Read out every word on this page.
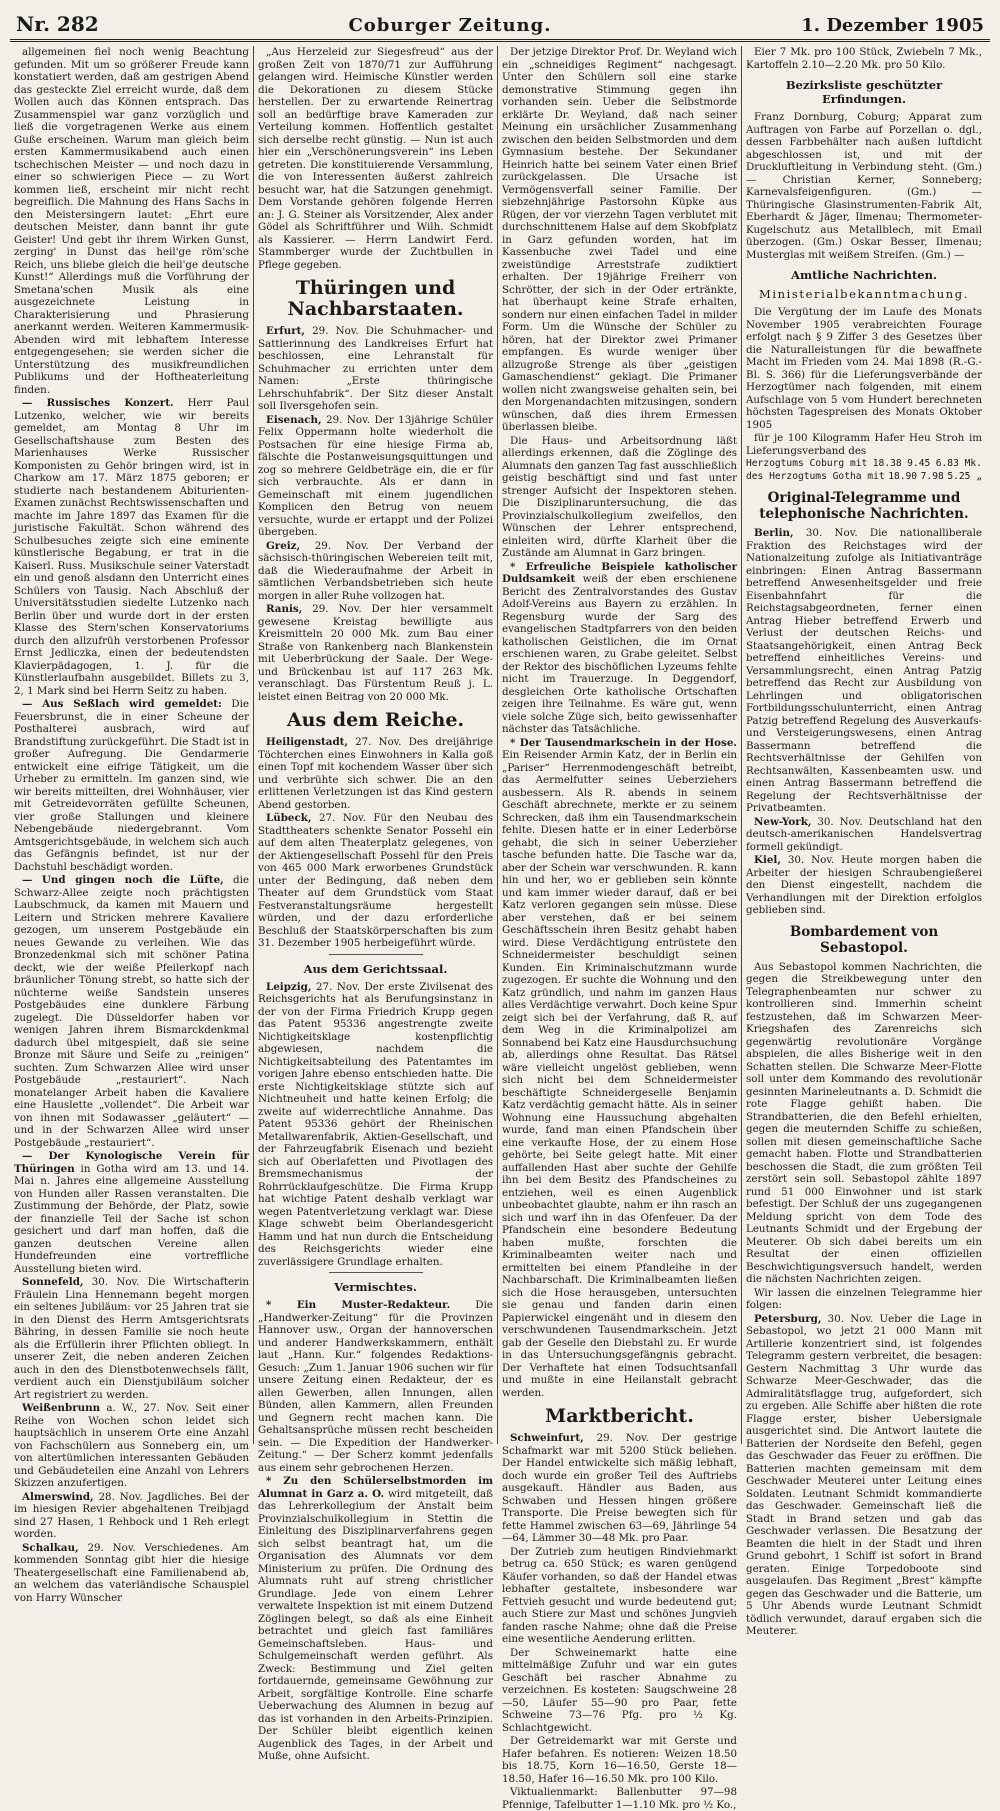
Nr. 282	Coburger Zeitung.	1. Dezember 1905

allgemeinen fiel noch wenig Beachtung gefunden. Mit um so größerer Freude kann konstatiert werden, daß am gestrigen Abend das gesteckte Ziel erreicht wurde, daß dem Wollen auch das Können entsprach. Das Zusammenspiel war ganz vorzüglich und ließ die vorgetragenen Werke aus einem Guße erscheinen. Warum man gleich beim ersten Kammermusikabend auch einen tschechischen Meister — und noch dazu in einer so schwierigen Piece — zu Wort kommen ließ, erscheint mir nicht recht begreiflich. Die Mahnung des Hans Sachs in den Meistersingern lautet: „Ehrt eure deutschen Meister, dann bannt ihr gute Geister! Und gebt ihr ihrem Wirken Gunst, zerging' in Dunst das heil'ge röm'sche Reich, uns bliebe gleich die heil'ge deutsche Kunst!“ Allerdings muß die Vorführung der Smetana'schen Musik als eine ausgezeichnete Leistung in Charakterisierung und Phrasierung anerkannt werden. Weiteren Kammermusik-Abenden wird mit lebhaftem Interesse entgegengesehen; sie werden sicher die Unterstützung des musikfreundlichen Publikums und der Hoftheaterleitung finden.

— Russisches Konzert. Herr Paul Lutzenko, welcher, wie wir bereits gemeldet, am Montag 8 Uhr im Gesellschaftshause zum Besten des Marienhauses Werke Russischer Komponisten zu Gehör bringen wird, ist in Charkow am 17. März 1875 geboren; er studierte nach bestandenem Abiturienten-Examen zunächst Rechtswissenschaften und machte im Jahre 1897 das Examen für die juristische Fakultät. Schon während des Schulbesuches zeigte sich eine eminente künstlerische Begabung, er trat in die Kaiserl. Russ. Musikschule seiner Vaterstadt ein und genoß alsdann den Unterricht eines Schülers von Tausig. Nach Abschluß der Universitätsstudien siedelte Lutzenko nach Berlin über und wurde dort in der ersten Klasse des Stern'schen Konservatoriums durch den allzufrüh verstorbenen Professor Ernst Jedliczka, einen der bedeutendsten Klavierpädagogen, 1. J. für die Künstlerlaufbahn ausgebildet. Billets zu 3, 2, 1 Mark sind bei Herrn Seitz zu haben.

— Aus Seßlach wird gemeldet: Die Feuersbrunst, die in einer Scheune der Posthalterei ausbrach, wird auf Brandstiftung zurückgeführt. Die Stadt ist in großer Aufregung. Die Gendarmerie entwickelt eine eifrige Tätigkeit, um die Urheber zu ermitteln. Im ganzen sind, wie wir bereits mitteilten, drei Wohnhäuser, vier mit Getreidevorräten gefüllte Scheunen, vier große Stallungen und kleinere Nebengebäude niedergebrannt. Vom Amtsgerichtsgebäude, in welchem sich auch das Gefängnis befindet, ist nur der Dachstuhl beschädigt worden.

— Und gingen noch die Lüfte, die Schwarz-Alleе zeigte noch prächtigsten Laubschmuck, da kamen mit Mauern und Leitern und Stricken mehrere Kavaliere gezogen, um unserem Postgebäude ein neues Gewande zu verleihen. Wie das Bronzedenkmal sich mit schöner Patina deckt, wie der weiße Pfeilerkopf nach bräunlicher Tönung strebt, so hatte sich der nüchterne weiße Sandstein unseres Postgebäudes eine dunklere Färbung zugelegt. Die Düsseldorfer haben vor wenigen Jahren ihrem Bismarckdenkmal dadurch übel mitgespielt, daß sie seine Bronze mit Säure und Seife zu „reinigen“ suchten. Zum Schwarzen Alleе wird unser Postgebäude „restauriert“. Nach monatelanger Arbeit haben die Kavaliere eine Hauslette „vollendet“. Die Arbeit war von ihnen mit Sodawasser „geläutert“ — und in der Schwarzen Alleе wird unser Postgebäude „restauriert“.

— Der Kynologische Verein für Thüringen in Gotha wird am 13. und 14. Mai n. Jahres eine allgemeine Ausstellung von Hunden aller Rassen veranstalten. Die Zustimmung der Behörde, der Platz, sowie der finanzielle Teil der Sache ist schon gesichert und darf man hoffen, daß die ganzen deutschen Vereine allen Hundefreunden eine vortreffliche Ausstellung bieten wird.

Sonnefeld, 30. Nov. Die Wirtschafterin Fräulein Lina Hennemann begeht morgen ein seltenes Jubiläum: vor 25 Jahren trat sie in den Dienst des Herrn Amtsgerichtsrats Bähring, in dessen Familie sie noch heute als die Erfüllerin ihrer Pflichten obliegt. In unserer Zeit, die neben anderen Zeichen auch in den des Dienstbotenwechsels fällt, verdient auch ein Dienstjubiläum solcher Art registriert zu werden.

Weißenbrunn a. W., 27. Nov. Seit einer Reihe von Wochen schon leidet sich hauptsächlich in unserem Orte eine Anzahl von Fachschülern aus Sonneberg ein, um von altertümlichen interessanten Gebäuden und Gebäudeteilen eine Anzahl von Lehrers Skizzen anzufertigen.

Almerswind, 28. Nov. Jagdliches. Bei der im hiesigen Revier abgehaltenen Treibjagd sind 27 Hasen, 1 Rehbock und 1 Reh erlegt worden.

Schalkau, 29. Nov. Verschiedenes. Am kommenden Sonntag gibt hier die hiesige Theatergesellschaft eine Familienabend ab, an welchem das vaterländische Schauspiel von Harry Wünscher

„Aus Herzeleid zur Siegesfreud“ aus der großen Zeit von 1870/71 zur Aufführung gelangen wird. Heimische Künstler werden die Dekorationen zu diesem Stücke herstellen. Der zu erwartende Reinertrag soll an bedürftige brave Kameraden zur Verteilung kommen. Hoffentlich gestaltet sich derselbe recht günstig. — Nun ist auch hier ein „Verschönerungsverein“ ins Leben getreten. Die konstituierende Versammlung, die von Interessenten äußerst zahlreich besucht war, hat die Satzungen genehmigt. Dem Vorstande gehören folgende Herren an: J. G. Steiner als Vorsitzender, Alex ander Gödel als Schriftführer und Wilh. Schmidt als Kassierer. — Herrn Landwirt Ferd. Stammberger wurde der Zuchtbullen in Pflege gegeben.

Thüringen und Nachbarstaaten.

Erfurt, 29. Nov. Die Schuhmacher- und Sattlerinnung des Landkreises Erfurt hat beschlossen, eine Lehranstalt für Schuhmacher zu errichten unter dem Namen: „Erste thüringische Lehrschuhfabrik“. Der Sitz dieser Anstalt soll Ilversgehofen sein.

Eisenach, 29. Nov. Der 13jährige Schüler Felix Oppermann holte wiederholt die Postsachen für eine hiesige Firma ab, fälschte die Postanweisungsquittungen und zog so mehrere Geldbeträge ein, die er für sich verbrauchte. Als er dann in Gemeinschaft mit einem jugendlichen Komplicen den Betrug von neuem versuchte, wurde er ertappt und der Polizei übergeben.

Greiz, 29. Nov. Der Verband der sächsisch-thüringischen Webereien teilt mit, daß die Wiederaufnahme der Arbeit in sämtlichen Verbandsbetrieben sich heute morgen in aller Ruhe vollzogen hat.

Ranis, 29. Nov. Der hier versammelt gewesene Kreistag bewilligte aus Kreismitteln 20 000 Mk. zum Bau einer Straße von Rankenberg nach Blankenstein mit Ueberbrückung der Saale. Der Wege- und Brückenbau ist auf 117 263 Mk. veranschlagt. Das Fürstentum Reuß j. L. leistet einen Beitrag von 20 000 Mk.

Aus dem Reiche.

Heiligenstadt, 27. Nov. Des dreijährige Töchterchen eines Einwohners in Kalla goß einen Topf mit kochendem Wasser über sich und verbrühte sich schwer. Die an den erlittenen Verletzungen ist das Kind gestern Abend gestorben.

Lübeck, 27. Nov. Für den Neubau des Stadttheaters schenkte Senator Possehl ein auf dem alten Theaterplatz gelegenes, von der Aktiengesellschaft Possehl für den Preis von 465 000 Mark erworbenes Grundstück unter der Bedingung, daß neben dem Theater auf dem Grundstück vom Staat Festveranstaltungsräume hergestellt würden, und der dazu erforderliche Beschluß der Staatskörperschaften bis zum 31. Dezember 1905 herbeigeführt würde.

Aus dem Gerichtssaal.

Leipzig, 27. Nov. Der erste Zivilsenat des Reichsgerichts hat als Berufungsinstanz in der von der Firma Friedrich Krupp gegen das Patent 95336 angestrengte zweite Nichtigkeitsklage kostenpflichtig abgewiesen, nachdem die Nichtigkeitsabteilung des Patentamtes im vorigen Jahre ebenso entschieden hatte. Die erste Nichtigkeitsklage stützte sich auf Nichtneuheit und hatte keinen Erfolg; die zweite auf widerrechtliche Annahme. Das Patent 95336 gehört der Rheinischen Metallwarenfabrik, Aktien-Gesellschaft, und der Fahrzeugfabrik Eisenach und bezieht sich auf Oberlafetten und Pivotlagen des Bremsmechanismus der Rohrrücklaufgeschütze. Die Firma Krupp hat wichtige Patent deshalb verklagt war wegen Patentverletzung verklagt war. Diese Klage schwebt beim Oberlandesgericht Hamm und hat nun durch die Entscheidung des Reichsgerichts wieder eine zuverlässigere Grundlage erhalten.

Vermischtes.

* Ein Muster-Redakteur. Die „Handwerker-Zeitung“ für die Provinzen Hannover usw., Organ der hannoverschen und anderer Handwerkskammern, enthält laut „Hann. Kur.“ folgendes Redaktions-Gesuch: „Zum 1. Januar 1906 suchen wir für unsere Zeitung einen Redakteur, der es allen Gewerben, allen Innungen, allen Bünden, allen Kammern, allen Freunden und Gegnern recht machen kann. Die Gehaltsansprüche müssen recht bescheiden sein. — Die Expedition der Handwerker-Zeitung.“ — Der Scherz kommt jedenfalls aus einem sehr gebrochenen Herzen.

* Zu den Schülerselbstmorden im Alumnat in Garz a. O. wird mitgeteilt, daß das Lehrerkollegium der Anstalt beim Provinzialschulkollegium in Stettin die Einleitung des Disziplinarverfahrens gegen sich selbst beantragt hat, um die Organisation des Alumnats vor dem Ministerium zu prüfen. Die Ordnung des Alumnats ruht auf streng christlicher Grundlage. Jede von einem Lehrer verwaltete Inspektion ist mit einem Dutzend Zöglingen belegt, so daß als eine Einheit betrachtet und gleich fast familiäres Gemeinschaftsleben. Haus- und Schulgemeinschaft werden geführt. Als Zweck: Bestimmung und Ziel gelten fortdauernde, gemeinsame Gewöhnung zur Arbeit, sorgfältige Kontrolle. Eine scharfe Ueberwachung des Alumnen in bezug auf das ist vorhanden in den Arbeits-Prinzipien. Der Schüler bleibt eigentlich keinen Augenblick des Tages, in der Arbeit und Muße, ohne Aufsicht.

Der jetzige Direktor Prof. Dr. Weyland wich ein „schneidiges Regiment“ nachgesagt. Unter den Schülern soll eine starke demonstrative Stimmung gegen ihn vorhanden sein. Ueber die Selbstmorde erklärte Dr. Weyland, daß nach seiner Meinung ein ursächlicher Zusammenhang zwischen den beiden Selbstmorden und dem Gymnasium bestehe. Der Sekundaner Heinrich hatte bei seinem Vater einen Brief zurückgelassen. Die Ursache ist Vermögensverfall seiner Familie. Der siebzehnjährige Pastorsohn Küpke aus Rügen, der vor vierzehn Tagen verblutet mit durchschnittenem Halse auf dem Skobfplatz in Garz gefunden worden, hat im Kassenbuche zwei Tadel und eine zweistündige Arreststrafe zudiktiert erhalten. Der 19jährige Freiherr von Schrötter, der sich in der Oder ertränkte, hat überhaupt keine Strafe erhalten, sondern nur einen einfachen Tadel in milder Form. Um die Wünsche der Schüler zu hören, hat der Direktor zwei Primaner empfangen. Es wurde weniger über allzugroße Strenge als über „geistigen Gamaschendienst“ geklagt. Die Primaner wollen nicht zwangsweise gehalten sein, bei den Morgenandachten mitzusingen, sondern wünschen, daß dies ihrem Ermessen überlassen bleibe.

Die Haus- und Arbeitsordnung läßt allerdings erkennen, daß die Zöglinge des Alumnats den ganzen Tag fast ausschließlich geistig beschäftigt sind und fast unter strenger Aufsicht der Inspektoren stehen. Die Disziplinaruntersuchung, die das Provinzialschulkollegium zweifellos, den Wünschen der Lehrer entsprechend, einleiten wird, dürfte Klarheit über die Zustände am Alumnat in Garz bringen.

* Erfreuliche Beispiele katholischer Duldsamkeit weiß der eben erschienene Bericht des Zentralvorstandes des Gustav Adolf-Vereins aus Bayern zu erzählen. In Regensburg wurde der Sarg des evangelischen Stadtpfarrers von den beiden katholischen Geistlichen, die im Ornat erschienen waren, zu Grabe geleitet. Selbst der Rektor des bischöflichen Lyzeums fehlte nicht im Trauerzuge. In Deggendorf, desgleichen Orte katholische Ortschaften zeigen ihre Teilnahme. Es wäre gut, wenn viele solche Züge sich, beito gewissenhafter nächster das Tatsächliche.

* Der Tausendmarkschein in der Hose. Ein Reisender Armin Katz, der in Berlin ein „Pariser“ Herrenmodengeschäft betreibt, das Aermelfutter seines Ueberziehers ausbessern. Als R. abends in seinem Geschäft abrechnete, merkte er zu seinem Schrecken, daß ihm ein Tausendmarkschein fehlte. Diesen hatte er in einer Lederbörse gehabt, die sich in seiner Ueberzieher tasche befunden hatte. Die Tasche war da, aber der Schein war verschwunden. R. kann hin und her, wo er geblieben sein könnte und kam immer wieder darauf, daß er bei Katz verloren gegangen sein müsse. Diese aber verstehen, daß er bei seinem Geschäftsschein ihren Besitz gehabt haben wird. Diese Verdächtigung entrüstete den Schneidermeister beschuldigt seinen Kunden. Ein Kriminalschutzmann wurde zugezogen. Er suchte die Wohnung und den Katz gründlich, und nahm im ganzen Haus alles Verdächtige verwahrt. Doch keine Spur zeigt sich bei der Verfahrung, daß R. auf dem Weg in die Kriminalpolizei am Sonnabend bei Katz eine Hausdurchsuchung ab, allerdings ohne Resultat. Das Rätsel wäre vielleicht ungelöst geblieben, wenn sich nicht bei dem Schneidermeister beschäftigte Schneidergeselle Benjamin Katz verdächtig gemacht hätte. Als in seiner Wohnung eine Haussuchung abgehalten wurde, fand man einen Pfandschein über eine verkaufte Hose, der zu einem Hose gehörte, bei Seite gelegt hatte. Mit einer auffallenden Hast aber suchte der Gehilfe ihn bei dem Besitz des Pfandscheines zu entziehen, weil es einen Augenblick unbeobachtet glaubte, nahm er ihn rasch an sich und warf ihn in das Ofenfeuer. Da der Pfandschein eine besondere Bedeutung haben mußte, forschten die Kriminalbeamten weiter nach und ermittelten bei einem Pfandleihe in der Nachbarschaft. Die Kriminalbeamten ließen sich die Hose herausgeben, untersuchten sie genau und fanden darin einen Papierwickel eingenäht und in diesem den verschwundenen Tausendmarkschein. Jetzt gab der Geselle den Diebstahl zu. Er wurde in das Untersuchungsgefängnis gebracht. Der Verhaftete hat einen Todsuchtsanfall und mußte in eine Heilanstalt gebracht werden.

Marktbericht.

Schweinfurt, 29. Nov. Der gestrige Schafmarkt war mit 5200 Stück beliehen. Der Handel entwickelte sich mäßig lebhaft, doch wurde ein großer Teil des Auftriebs ausgekauft. Händler aus Baden, aus Schwaben und Hessen hingen größere Transporte. Die Preise bewegten sich für fette Hammel zwischen 63—69, Jährlinge 54—64, Lämmer 30—48 Mk. pro Paar.

Der Zutrieb zum heutigen Rindviehmarkt betrug ca. 650 Stück; es waren genügend Käufer vorhanden, so daß der Handel etwas lebhafter gestaltete, insbesondere war Fettvieh gesucht und wurde bedeutend gut; auch Stiere zur Mast und schönes Jungvieh fanden rasche Nahme; ohne daß die Preise eine wesentliche Aenderung erlitten.

Der Schweinemarkt hatte eine mittelmäßige Zufuhr und war ein gutes Geschäft bei rascher Abnahme zu verzeichnen. Es kosteten: Saugschweine 28—50, Läufer 55—90 pro Paar, fette Schweine 73—76 Pfg. pro ½ Kg. Schlachtgewicht.

Der Getreidemarkt war mit Gerste und Hafer befahren. Es notieren: Weizen 18.50 bis 18.75, Korn 16—16.50, Gerste 18—18.50, Hafer 16—16.50 Mk. pro 100 Kilo.

Viktualienmarkt: Ballenbutter 97—98 Pfennige, Tafelbutter 1—1.10 Mk. pro ½ Ko.,

Eier 7 Mk. pro 100 Stück, Zwiebeln 7 Mk., Kartoffeln 2.10—2.20 Mk. pro 50 Kilo.

Bezirksliste geschützter Erfindungen.

Franz Dornburg, Coburg; Apparat zum Auftragen von Farbe auf Porzellan o. dgl., dessen Farbbehälter nach außen luftdicht abgeschlossen ist, und mit der Druckluftleitung in Verbindung steht. (Gm.) — Christian Kerner, Sonneberg; Karnevalsfeigenfiguren. (Gm.) — Thüringische Glasinstrumenten-Fabrik Alt, Eberhardt & Jäger, Ilmenau; Thermometer-Kugelschutz aus Metallblech, mit Email überzogen. (Gm.) Oskar Besser, Ilmenau; Musterglas mit weißem Streifen. (Gm.) —

Amtliche Nachrichten.
Ministerialbekanntmachung.

Die Vergütung der im Laufe des Monats November 1905 verabreichten Fourage erfolgt nach § 9 Ziffer 3 des Gesetzes über die Naturalleistungen für die bewaffnete Macht im Frieden vom 24. Mai 1898 (R.-G.-Bl. S. 366) für die Lieferungsverbände der Herzogtümer nach folgenden, mit einem Aufschlage von 5 vom Hundert berechneten höchsten Tagespreisen des Monats Oktober 1905

für je 100 Kilogramm Hafer Heu Stroh im Lieferungsverband des

Herzogtums Coburg mit 18.38 9.45 6.83 Mk.
des Herzogtums Gotha mit 18.90 7.98 5.25 „
Original-Telegramme und telephonische Nachrichten.

Berlin, 30. Nov. Die nationalliberale Fraktion des Reichstages wird der Nationalzeitung zufolge als Initiativanträge einbringen: Einen Antrag Bassermann betreffend Anwesenheitsgelder und freie Eisenbahnfahrt für die Reichstagsabgeordneten, ferner einen Antrag Hieber betreffend Erwerb und Verlust der deutschen Reichs- und Staatsangehörigkeit, einen Antrag Beck betreffend einheitliches Vereins- und Versammlungsrecht, einen Antrag Patzig betreffend das Recht zur Ausbildung von Lehrlingen und obligatorischen Fortbildungsschulunterricht, einen Antrag Patzig betreffend Regelung des Ausverkaufs- und Versteigerungswesens, einen Antrag Bassermann betreffend die Rechtsverhältnisse der Gehilfen von Rechtsanwälten, Kassenbeamten usw. und einen Antrag Bassermann betreffend die Regelung der Rechtsverhältnisse der Privatbeamten.

New-York, 30. Nov. Deutschland hat den deutsch-amerikanischen Handelsvertrag formell gekündigt.

Kiel, 30. Nov. Heute morgen haben die Arbeiter der hiesigen Schraubengießerei den Dienst eingestellt, nachdem die Verhandlungen mit der Direktion erfolglos geblieben sind.

Bombardement von Sebastopol.

Aus Sebastopol kommen Nachrichten, die gegen die Streikbewegung unter den Telegraphenbeamten nur schwer zu kontrollieren sind. Immerhin scheint festzustehen, daß im Schwarzen Meer-Kriegshafen des Zarenreichs sich gegenwärtig revolutionäre Vorgänge abspielen, die alles Bisherige weit in den Schatten stellen. Die Schwarze Meer-Flotte soll unter dem Kommando des revolutionär gesinnten Marineleutnants a. D. Schmidt die rote Flagge gehißt haben. Die Strandbatterien, die den Befehl erhielten, gegen die meuternden Schiffe zu schießen, sollen mit diesen gemeinschaftliche Sache gemacht haben. Flotte und Strandbatterien beschossen die Stadt, die zum größten Teil zerstört sein soll. Sebastopol zählte 1897 rund 51 000 Einwohner und ist stark befestigt. Der Schluß der uns zugegangenen Meldung spricht von dem Tode des Leutnants Schmidt und der Ergebung der Meuterer. Ob sich dabei bereits um ein Resultat der einen offiziellen Beschwichtigungsversuch handelt, werden die nächsten Nachrichten zeigen.

Wir lassen die einzelnen Telegramme hier folgen:

Petersburg, 30. Nov. Ueber die Lage in Sebastopol, wo jetzt 21 000 Mann mit Artillerie konzentriert sind, ist folgendes Telegramm gestern verbreitet, die besagen: Gestern Nachmittag 3 Uhr wurde das Schwarze Meer-Geschwader, das die Admiralitätsflagge trug, aufgefordert, sich zu ergeben. Alle Schiffe aber hißten die rote Flagge erster, bisher Uebersignale ausgerichtet sind. Die Antwort lautete die Batterien der Nordseite den Befehl, gegen das Geschwader das Feuer zu eröffnen. Die Batterien machten gemeinsam mit dem Geschwader Meuterei unter Leitung eines Soldaten. Leutnant Schmidt kommandierte das Geschwader. Gemeinschaft ließ die Stadt in Brand setzen und gab das Geschwader verlassen. Die Besatzung der Beamten die hielt in der Stadt und ihren Grund gebohrt, 1 Schiff ist sofort in Brand geraten. Einige Torpedoboote sind ausgelaufen. Das Regiment „Brest“ kämpfte gegen das Geschwader und die Batterie, um 5 Uhr Abends wurde Leutnant Schmidt tödlich verwundet, darauf ergaben sich die Meuterer.
